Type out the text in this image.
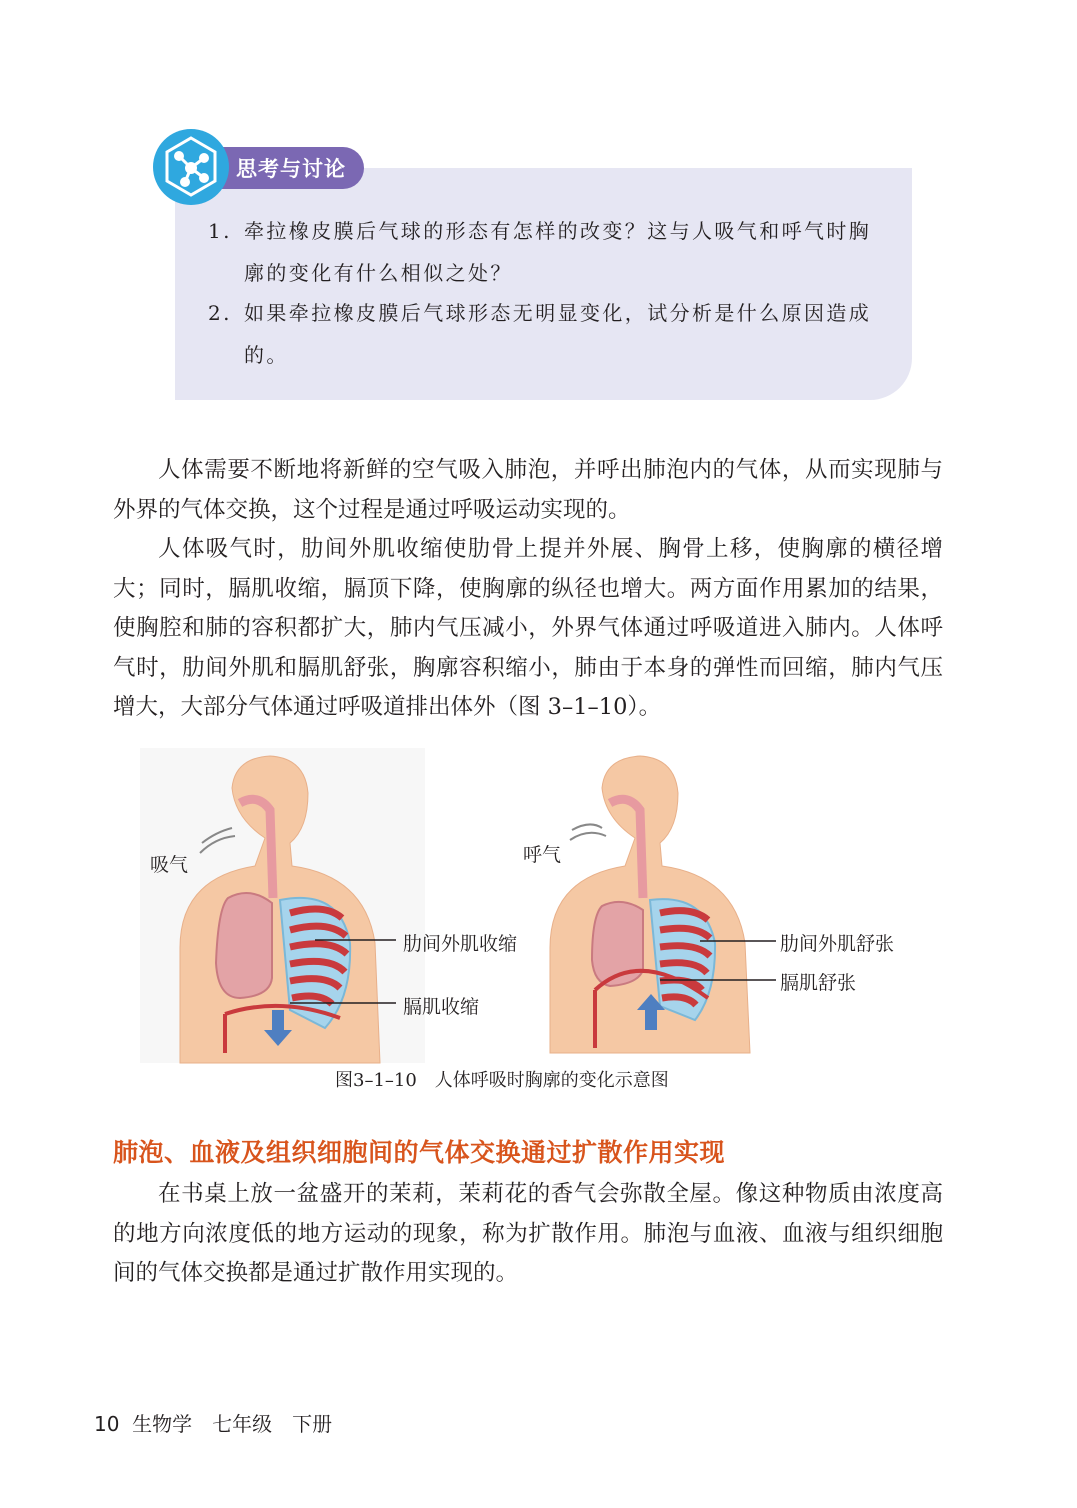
思考与讨论
1. 牵拉橡皮膜后气球的形态有怎样的改变？这与人吸气和呼气时胸廓的变化有什么相似之处？
2. 如果牵拉橡皮膜后气球形态无明显变化，试分析是什么原因造成的。

人体需要不断地将新鲜的空气吸入肺泡，并呼出肺泡内的气体，从而实现肺与外界的气体交换，这个过程是通过呼吸运动实现的。

人体吸气时，肋间外肌收缩使肋骨上提并外展、胸骨上移，使胸廓的横径增大；同时，膈肌收缩，膈顶下降，使胸廓的纵径也增大。两方面作用累加的结果，使胸腔和肺的容积都扩大，肺内气压减小，外界气体通过呼吸道进入肺内。人体呼气时，肋间外肌和膈肌舒张，胸廓容积缩小，肺由于本身的弹性而回缩，肺内气压增大，大部分气体通过呼吸道排出体外（图 3–1–10）。

吸气
肋间外肌收缩
膈肌收缩
呼气
肋间外肌舒张
膈肌舒张
图3–1–10　人体呼吸时胸廓的变化示意图
肺泡、血液及组织细胞间的气体交换通过扩散作用实现

在书桌上放一盆盛开的茉莉，茉莉花的香气会弥散全屋。像这种物质由浓度高的地方向浓度低的地方运动的现象，称为扩散作用。肺泡与血液、血液与组织细胞间的气体交换都是通过扩散作用实现的。

10 生物学　七年级　下册
